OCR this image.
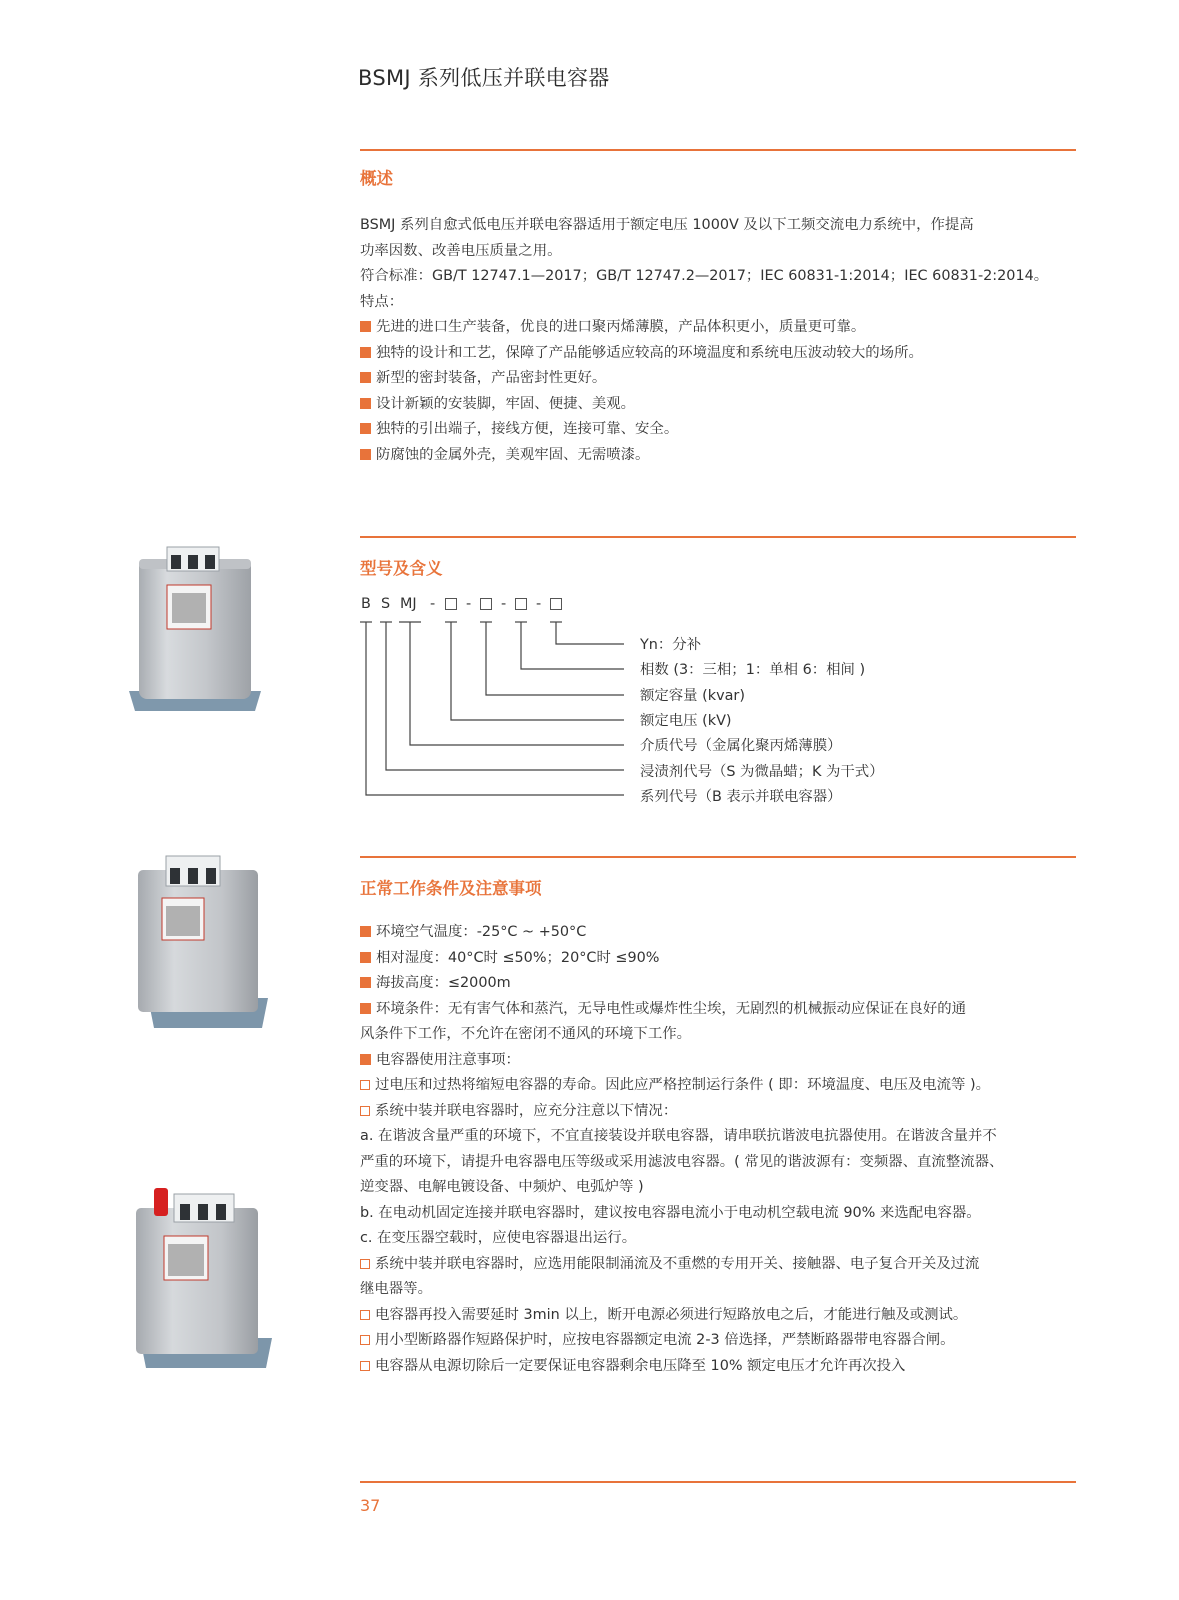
BSMJ 系列低压并联电容器
概述
BSMJ 系列自愈式低电压并联电容器适用于额定电压 1000V 及以下工频交流电力系统中，作提高
功率因数、改善电压质量之用。
符合标准：GB/T 12747.1—2017；GB/T 12747.2—2017；IEC 60831-1:2014；IEC 60831-2:2014。
特点：
先进的进口生产装备，优良的进口聚丙烯薄膜，产品体积更小，质量更可靠。
独特的设计和工艺，保障了产品能够适应较高的环境温度和系统电压波动较大的场所。
新型的密封装备，产品密封性更好。
设计新颖的安装脚，牢固、便捷、美观。
独特的引出端子，接线方便，连接可靠、安全。
防腐蚀的金属外壳，美观牢固、无需喷漆。
型号及含义
B S MJ - - - -
Yn：分补
相数 (3：三相；1：单相 6：相间 )
额定容量 (kvar)
额定电压 (kV)
介质代号（金属化聚丙烯薄膜）
浸渍剂代号（S 为微晶蜡；K 为干式）
系列代号（B 表示并联电容器）
正常工作条件及注意事项
环境空气温度：-25°C ~ +50°C
相对湿度：40°C时 ≤50%；20°C时 ≤90%
海拔高度：≤2000m
环境条件：无有害气体和蒸汽，无导电性或爆炸性尘埃，无剧烈的机械振动应保证在良好的通
风条件下工作，不允许在密闭不通风的环境下工作。
电容器使用注意事项：
过电压和过热将缩短电容器的寿命。因此应严格控制运行条件 ( 即：环境温度、电压及电流等 )。
系统中装并联电容器时，应充分注意以下情况：
a. 在谐波含量严重的环境下，不宜直接装设并联电容器，请串联抗谐波电抗器使用。在谐波含量并不
严重的环境下，请提升电容器电压等级或采用滤波电容器。( 常见的谐波源有：变频器、直流整流器、
逆变器、电解电镀设备、中频炉、电弧炉等 )
b. 在电动机固定连接并联电容器时，建议按电容器电流小于电动机空载电流 90% 来选配电容器。
c. 在变压器空载时，应使电容器退出运行。
系统中装并联电容器时，应选用能限制涌流及不重燃的专用开关、接触器、电子复合开关及过流
继电器等。
电容器再投入需要延时 3min 以上，断开电源必须进行短路放电之后，才能进行触及或测试。
用小型断路器作短路保护时，应按电容器额定电流 2-3 倍选择，严禁断路器带电容器合闸。
电容器从电源切除后一定要保证电容器剩余电压降至 10% 额定电压才允许再次投入
37
